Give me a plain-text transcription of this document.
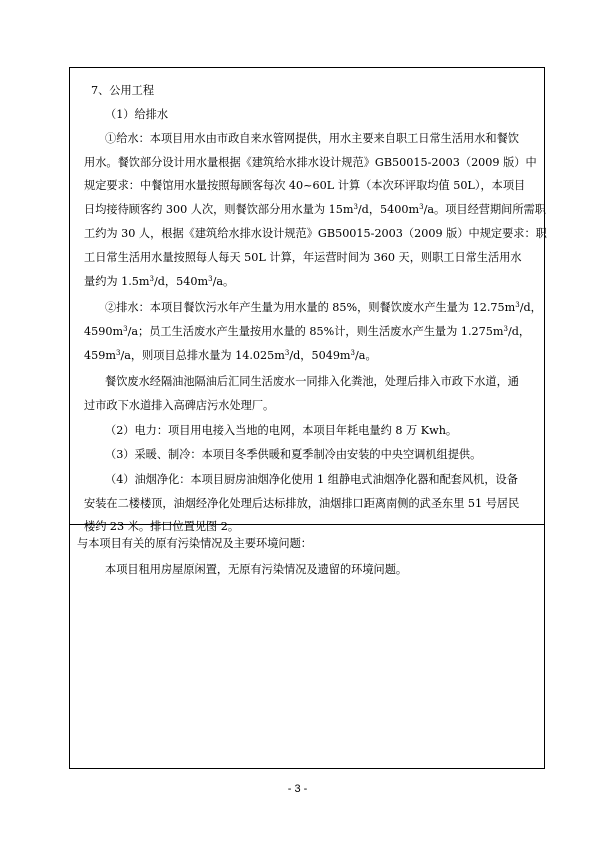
7、公用工程
（1）给排水
①给水：本项目用水由市政自来水管网提供，用水主要来自职工日常生活用水和餐饮
用水。餐饮部分设计用水量根据《建筑给水排水设计规范》GB50015-2003（2009 版）中
规定要求：中餐馆用水量按照每顾客每次 40~60L 计算（本次环评取均值 50L），本项目
日均接待顾客约 300 人次，则餐饮部分用水量为 $15m^3/d$，$5400m^3/a$。项目经营期间所需职
工约为 30 人，根据《建筑给水排水设计规范》GB50015-2003（2009 版）中规定要求：职
工日常生活用水量按照每人每天 50L 计算，年运营时间为 360 天，则职工日常生活用水
量约为 $1.5m^3/d$，$540m^3/a$。
②排水：本项目餐饮污水年产生量为用水量的 85%，则餐饮废水产生量为 $12.75m^3/d$，
$4590m^3/a$；员工生活废水产生量按用水量的 85%计，则生活废水产生量为 $1.275m^3/d$，
$459m^3/a$，则项目总排水量为 $14.025m^3/d$，$5049m^3/a$。
餐饮废水经隔油池隔油后汇同生活废水一同排入化粪池，处理后排入市政下水道，通
过市政下水道排入高碑店污水处理厂。
（2）电力：项目用电接入当地的电网，本项目年耗电量约 8 万 Kwh。
（3）采暖、制冷：本项目冬季供暖和夏季制冷由安装的中央空调机组提供。
（4）油烟净化：本项目厨房油烟净化使用 1 组静电式油烟净化器和配套风机，设备
安装在二楼楼顶，油烟经净化处理后达标排放，油烟排口距离南侧的武圣东里 51 号居民
楼约 23 米。排口位置见图 2。
与本项目有关的原有污染情况及主要环境问题：
本项目租用房屋原闲置，无原有污染情况及遗留的环境问题。
- 3 -
